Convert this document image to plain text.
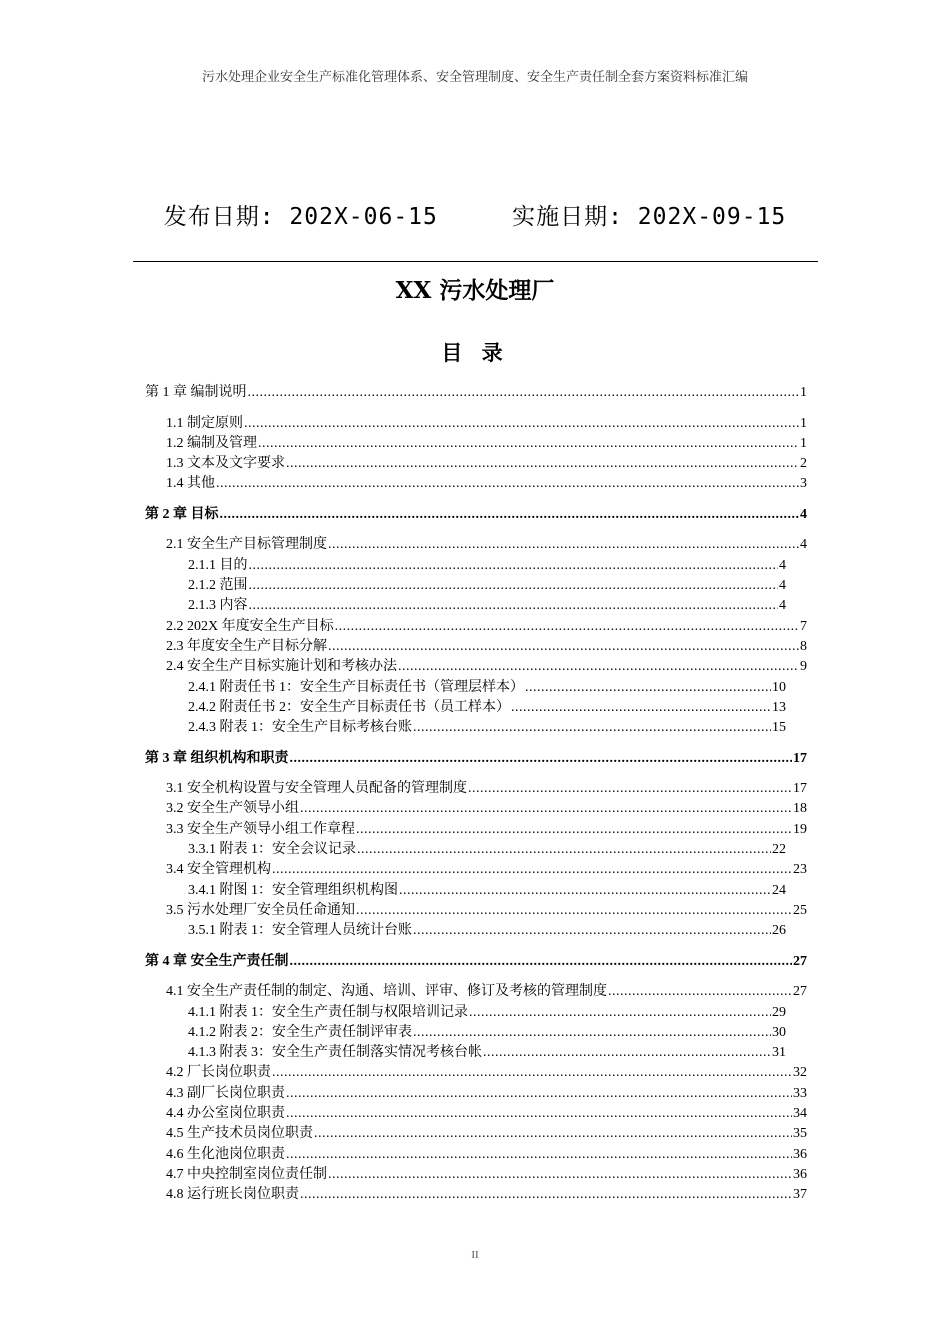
污水处理企业安全生产标准化管理体系、安全管理制度、安全生产责任制全套方案资料标准汇编
发布日期: 202X-06-15     实施日期: 202X-09-15
XX 污水处理厂
目 录
第 1 章 编制说明 .....	1
1.1 制定原则 .....	1
1.2 编制及管理 .....	1
1.3 文本及文字要求 .....	2
1.4 其他 .....	3
第 2 章 目标 .....	4
2.1 安全生产目标管理制度 .....	4
2.1.1 目的 .....	4
2.1.2 范围 .....	4
2.1.3 内容 .....	4
2.2 202X 年度安全生产目标 .....	7
2.3 年度安全生产目标分解 .....	8
2.4 安全生产目标实施计划和考核办法 .....	9
2.4.1 附责任书 1：安全生产目标责任书（管理层样本） .....	10
2.4.2 附责任书 2：安全生产目标责任书（员工样本） .....	13
2.4.3 附表 1：安全生产目标考核台账 .....	15
第 3 章 组织机构和职责 .....	17
3.1 安全机构设置与安全管理人员配备的管理制度 .....	17
3.2 安全生产领导小组 .....	18
3.3 安全生产领导小组工作章程 .....	19
3.3.1 附表 1：安全会议记录 .....	22
3.4 安全管理机构 .....	23
3.4.1 附图 1：安全管理组织机构图 .....	24
3.5 污水处理厂安全员任命通知 .....	25
3.5.1 附表 1：安全管理人员统计台账 .....	26
第 4 章 安全生产责任制 .....	27
4.1 安全生产责任制的制定、沟通、培训、评审、修订及考核的管理制度 .....	27
4.1.1 附表 1：安全生产责任制与权限培训记录 .....	29
4.1.2 附表 2：安全生产责任制评审表 .....	30
4.1.3 附表 3：安全生产责任制落实情况考核台帐 .....	31
4.2 厂长岗位职责 .....	32
4.3 副厂长岗位职责 .....	33
4.4 办公室岗位职责 .....	34
4.5 生产技术员岗位职责 .....	35
4.6 生化池岗位职责 .....	36
4.7 中央控制室岗位责任制 .....	36
4.8 运行班长岗位职责 .....	37
II
